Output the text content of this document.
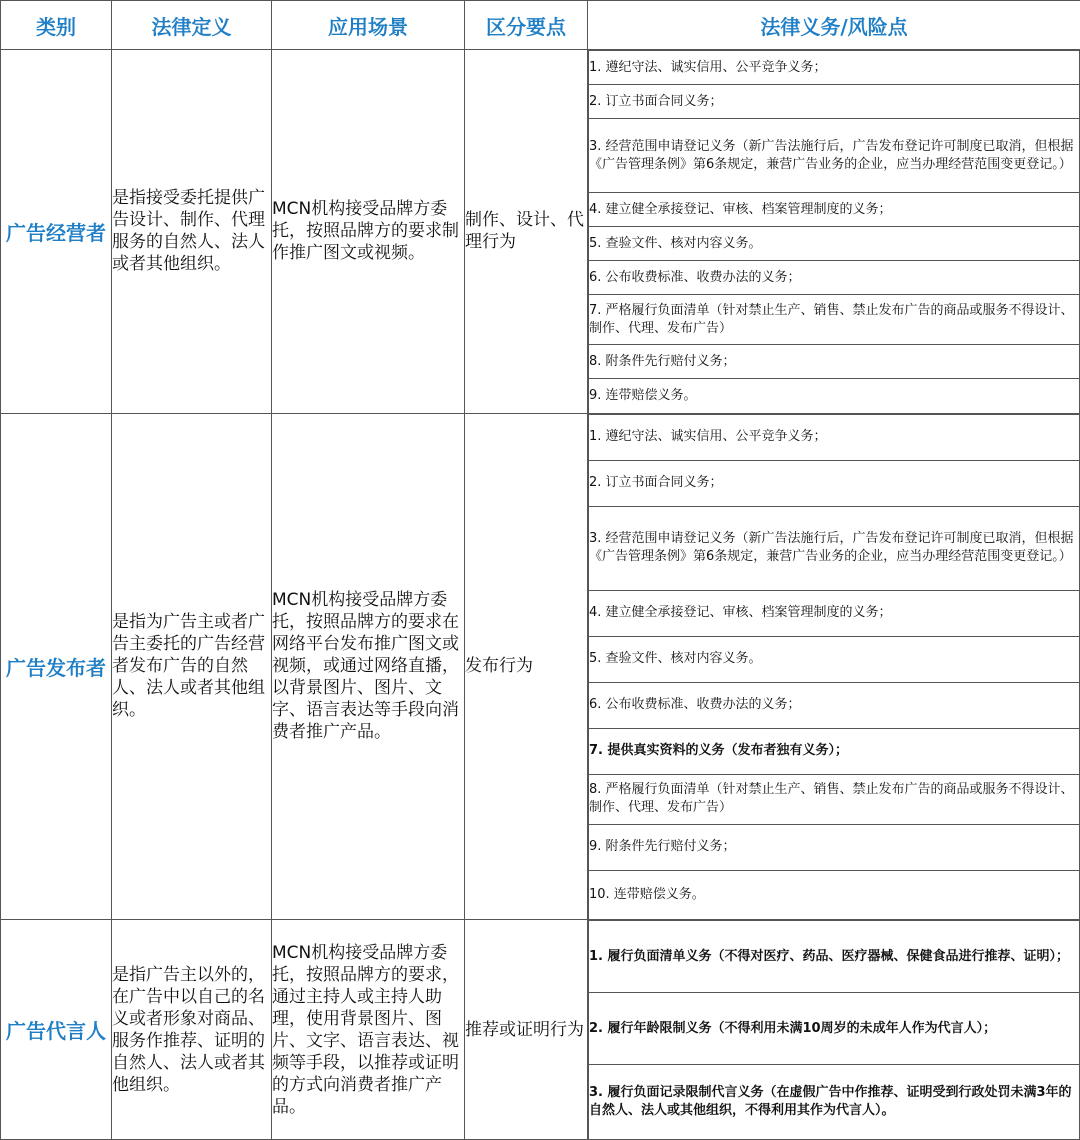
类别	法律定义	应用场景	区分要点	法律义务/风险点
广告经营者	是指接受委托提供广告设计、制作、代理服务的自然人、法人或者其他组织。	MCN机构接受品牌方委托，按照品牌方的要求制作推广图文或视频。	制作、设计、代理行为	
1. 遵纪守法、诚实信用、公平竞争义务；
2. 订立书面合同义务；
3. 经营范围申请登记义务（新广告法施行后，广告发布登记许可制度已取消，但根据《广告管理条例》第6条规定，兼营广告业务的企业，应当办理经营范围变更登记。）
4. 建立健全承接登记、审核、档案管理制度的义务；
5. 查验文件、核对内容义务。
6. 公布收费标准、收费办法的义务；
7. 严格履行负面清单（针对禁止生产、销售、禁止发布广告的商品或服务不得设计、制作、代理、发布广告）
8. 附条件先行赔付义务；
9. 连带赔偿义务。

广告发布者	是指为广告主或者广告主委托的广告经营者发布广告的自然人、法人或者其他组织。	MCN机构接受品牌方委托，按照品牌方的要求在网络平台发布推广图文或视频，或通过网络直播，以背景图片、图片、文字、语言表达等手段向消费者推广产品。	发布行为	
1. 遵纪守法、诚实信用、公平竞争义务；
2. 订立书面合同义务；
3. 经营范围申请登记义务（新广告法施行后，广告发布登记许可制度已取消，但根据《广告管理条例》第6条规定，兼营广告业务的企业，应当办理经营范围变更登记。）
4. 建立健全承接登记、审核、档案管理制度的义务；
5. 查验文件、核对内容义务。
6. 公布收费标准、收费办法的义务；
7. 提供真实资料的义务（发布者独有义务）；
8. 严格履行负面清单（针对禁止生产、销售、禁止发布广告的商品或服务不得设计、制作、代理、发布广告）
9. 附条件先行赔付义务；
10. 连带赔偿义务。

广告代言人	是指广告主以外的，在广告中以自己的名义或者形象对商品、服务作推荐、证明的自然人、法人或者其他组织。	MCN机构接受品牌方委托，按照品牌方的要求，通过主持人或主持人助理，使用背景图片、图片、文字、语言表达、视频等手段，以推荐或证明的方式向消费者推广产品。	推荐或证明行为	
1. 履行负面清单义务（不得对医疗、药品、医疗器械、保健食品进行推荐、证明）；
2. 履行年龄限制义务（不得利用未满10周岁的未成年人作为代言人）；
3. 履行负面记录限制代言义务（在虚假广告中作推荐、证明受到行政处罚未满3年的自然人、法人或其他组织，不得利用其作为代言人）。
